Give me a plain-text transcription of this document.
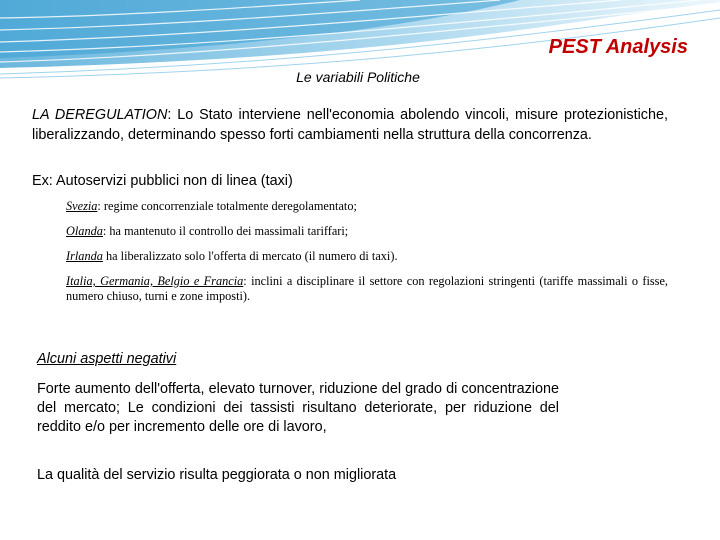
PEST Analysis
Le variabili Politiche
LA DEREGULATION: Lo Stato interviene nell'economia abolendo vincoli, misure protezionistiche, liberalizzando, determinando spesso forti cambiamenti nella struttura della concorrenza.
Ex: Autoservizi pubblici non di linea (taxi)

Svezia: regime concorrenziale totalmente deregolamentato;

Olanda: ha mantenuto il controllo dei massimali tariffari;

Irlanda ha liberalizzato solo l'offerta di mercato (il numero di taxi).

Italia, Germania, Belgio e Francia: inclini a disciplinare il settore con regolazioni stringenti (tariffe massimali o fisse, numero chiuso, turni e zone imposti).

Alcuni aspetti negativi
Forte aumento dell'offerta, elevato turnover, riduzione del grado di concentrazione del mercato; Le condizioni dei tassisti risultano deteriorate, per riduzione del reddito e/o per incremento delle ore di lavoro,
La qualità del servizio risulta peggiorata o non migliorata
